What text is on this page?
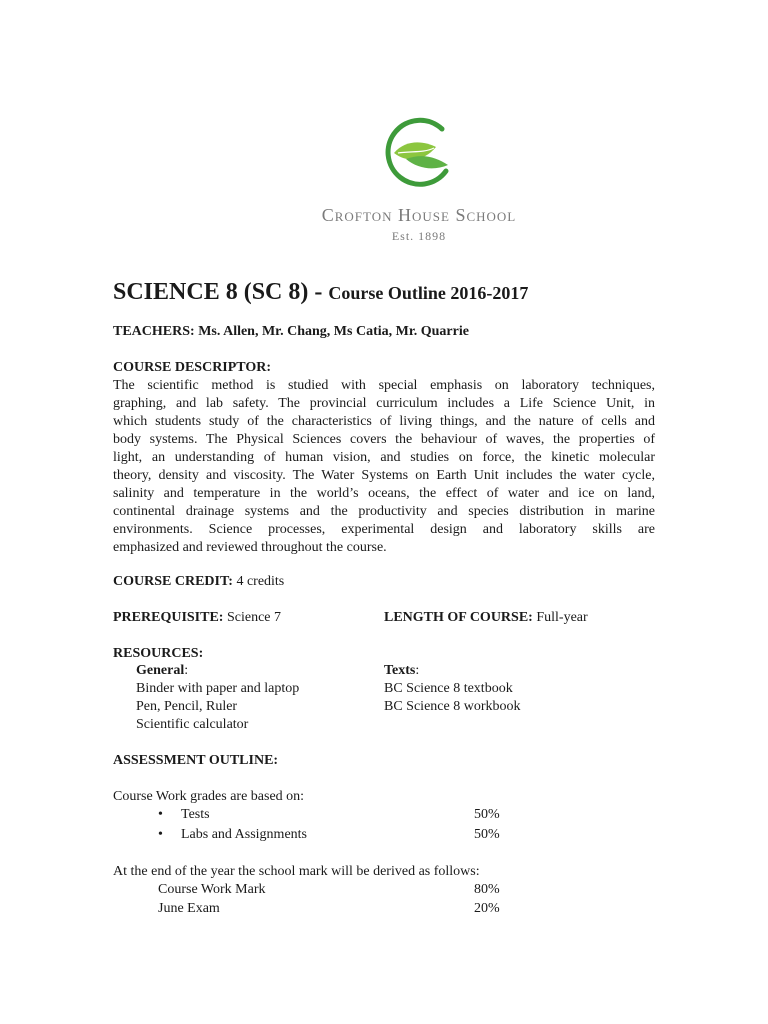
Crofton House School
Est. 1898
SCIENCE 8 (SC 8) - Course Outline 2016-2017
TEACHERS: Ms. Allen, Mr. Chang, Ms Catia, Mr. Quarrie
COURSE DESCRIPTOR:
The scientific method is studied with special emphasis on laboratory techniques,
graphing, and lab safety. The provincial curriculum includes a Life Science Unit, in
which students study of the characteristics of living things, and the nature of cells and
body systems. The Physical Sciences covers the behaviour of waves, the properties of
light, an understanding of human vision, and studies on force, the kinetic molecular
theory, density and viscosity. The Water Systems on Earth Unit includes the water cycle,
salinity and temperature in the world’s oceans, the effect of water and ice on land,
continental drainage systems and the productivity and species distribution in marine
environments. Science processes, experimental design and laboratory skills are
emphasized and reviewed throughout the course.
COURSE CREDIT: 4 credits
PREREQUISITE: Science 7	LENGTH OF COURSE: Full-year
RESOURCES:
General:
Binder with paper and laptop
Pen, Pencil, Ruler
Scientific calculator
Texts:
BC Science 8 textbook
BC Science 8 workbook
ASSESSMENT OUTLINE:
Course Work grades are based on:
• Tests	50%
• Labs and Assignments	50%
At the end of the year the school mark will be derived as follows:
Course Work Mark	80%
June Exam	20%
